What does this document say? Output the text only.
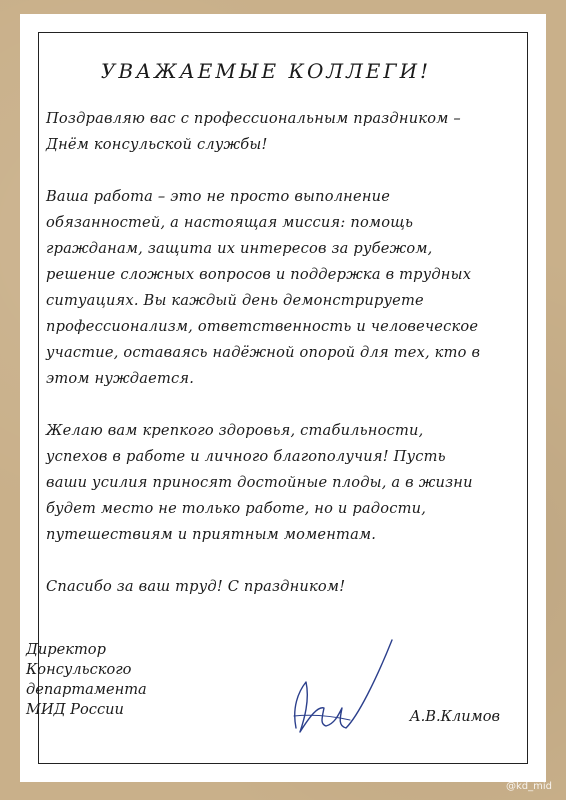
УВАЖАЕМЫЕ КОЛЛЕГИ!
Поздравляю вас с профессиональным праздником – Днём консульской службы!
Ваша работа – это не просто выполнение обязанностей, а настоящая миссия: помощь гражданам, защита их интересов за рубежом, решение сложных вопросов и поддержка в трудных ситуациях. Вы каждый день демонстрируете профессионализм, ответственность и человеческое участие, оставаясь надёжной опорой для тех, кто в этом нуждается.
Желаю вам крепкого здоровья, стабильности, успехов в работе и личного благополучия! Пусть ваши усилия приносят достойные плоды, а в жизни будет место не только работе, но и радости, путешествиям и приятным моментам.
Спасибо за ваш труд! С праздником!
Директор
Консульского
департамента
МИД России	А.В.Климов
@kd_mid
